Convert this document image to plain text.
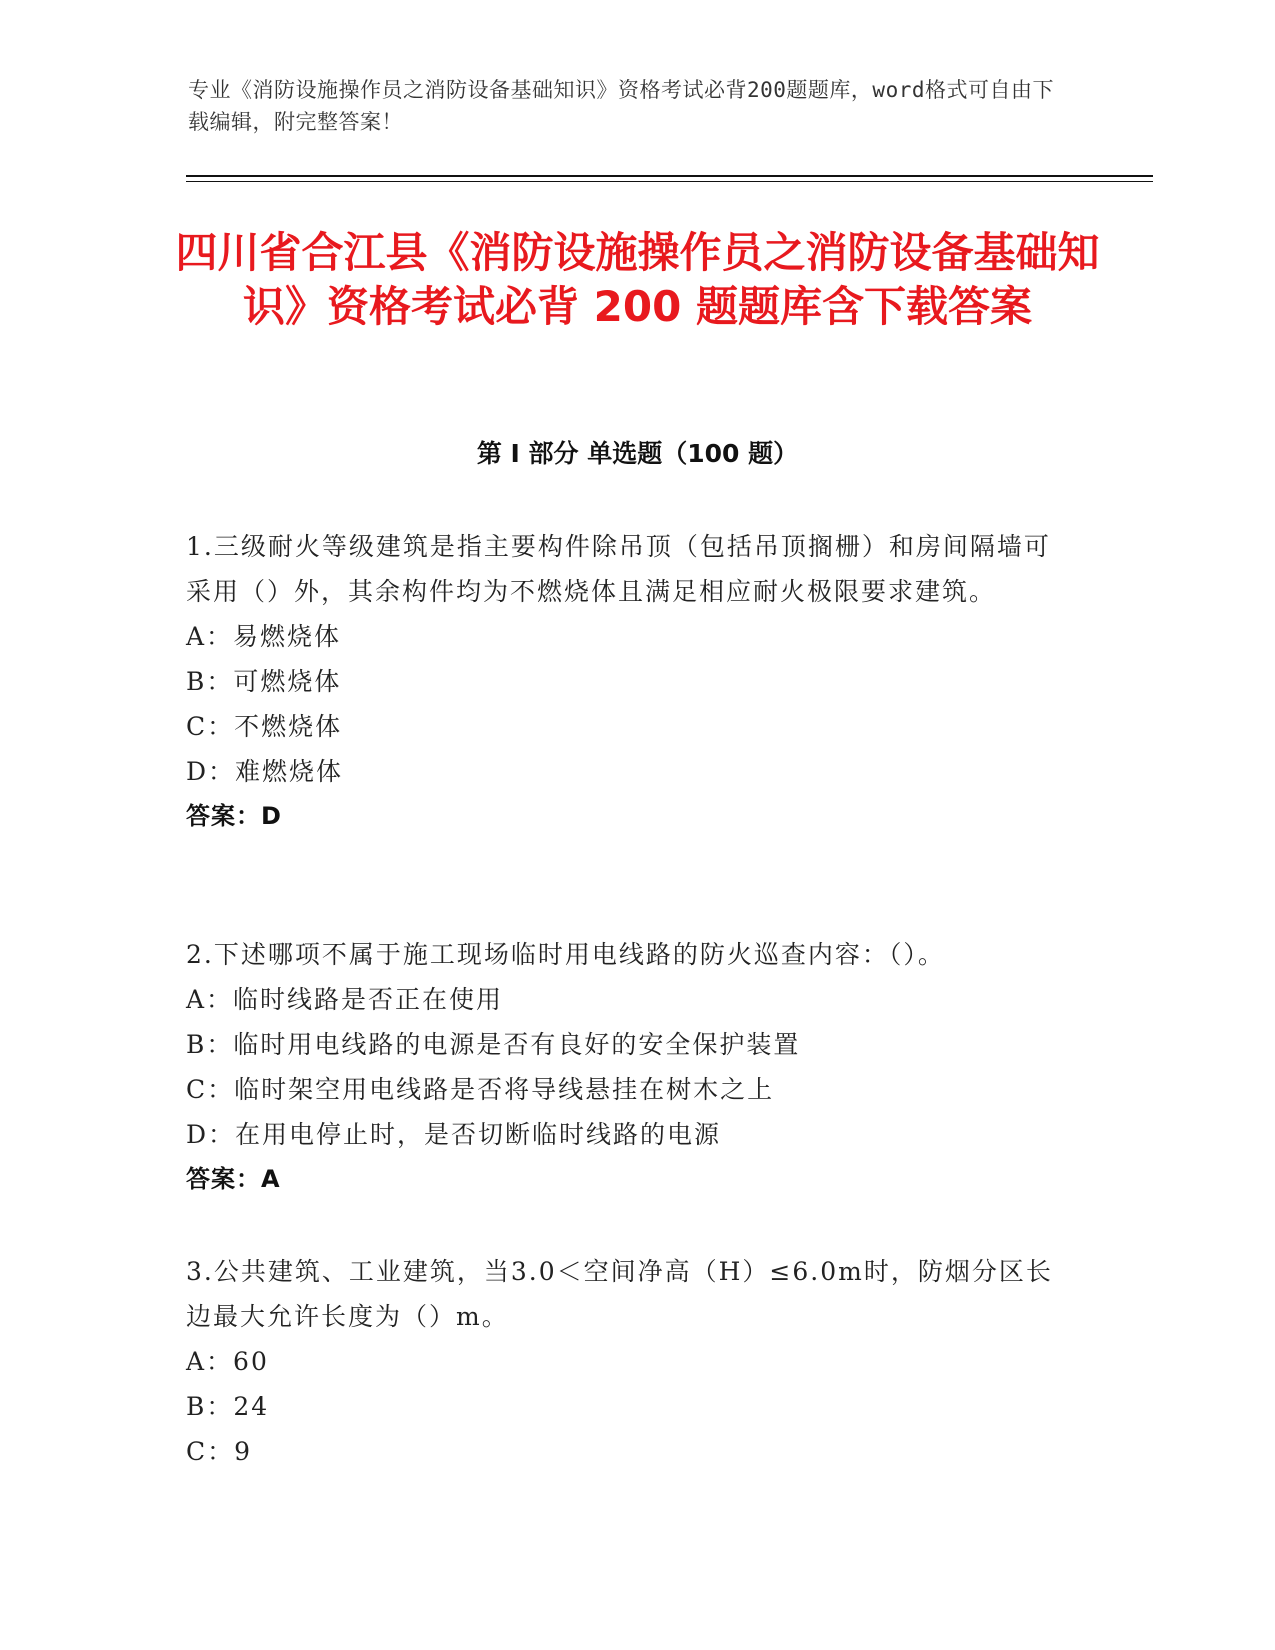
专业《消防设施操作员之消防设备基础知识》资格考试必背200题题库，word格式可自由下载编辑，附完整答案！
四川省合江县《消防设施操作员之消防设备基础知识》资格考试必背 200 题题库含下载答案
第 I 部分 单选题（100 题）

1.三级耐火等级建筑是指主要构件除吊顶（包括吊顶搁栅）和房间隔墙可采用（）外，其余构件均为不燃烧体且满足相应耐火极限要求建筑。

A：易燃烧体

B：可燃烧体

C：不燃烧体

D：难燃烧体

答案：D

2.下述哪项不属于施工现场临时用电线路的防火巡查内容：（）。

A：临时线路是否正在使用

B：临时用电线路的电源是否有良好的安全保护装置

C：临时架空用电线路是否将导线悬挂在树木之上

D：在用电停止时，是否切断临时线路的电源

答案：A

3.公共建筑、工业建筑，当3.0＜空间净高（H）≤6.0m时，防烟分区长边最大允许长度为（）m。

A：60

B：24

C：9
